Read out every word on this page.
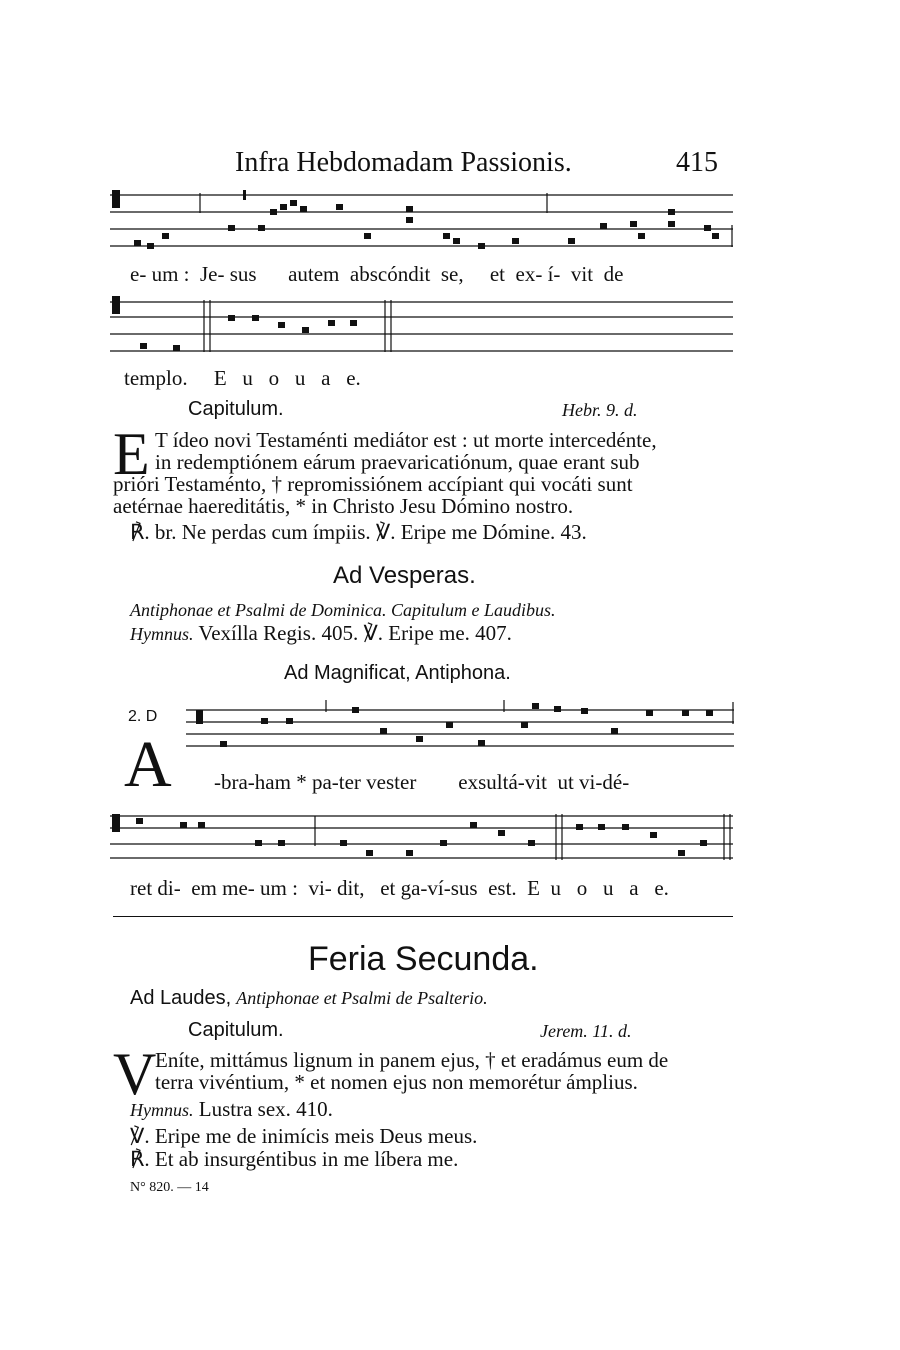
Infra Hebdomadam Passionis.	415
e- um :  Je- sus      autem  abscóndit  se,     et  ex- í-  vit  de
templo.     E   u   o   u   a   e.
Capitulum.	Hebr. 9. d.
E T ídeo novi Testaménti mediátor est : ut morte intercedénte,
in redemptiónem eárum praevaricatiónum, quae erant sub
prióri Testaménto, † repromissiónem accípiant qui vocáti sunt
aetérnae haereditátis, * in Christo Jesu Dómino nostro.
℟. br. Ne perdas cum ímpiis. ℣. Eripe me Dómine. 43.
Ad Vesperas.
Antiphonae et Psalmi de Dominica. Capitulum e Laudibus.
Hymnus. Vexílla Regis. 405. ℣. Eripe me. 407.
Ad Magnificat, Antiphona.
2. D
A -bra-ham * pa-ter vester        exsultá-vit  ut vi-dé-
ret di-  em me- um :  vi- dit,   et ga-ví-sus  est.  E  u   o   u   a   e.
Feria Secunda.
Ad Laudes, Antiphonae et Psalmi de Psalterio.
Capitulum.	Jerem. 11. d.
V
Eníte, mittámus lignum in panem ejus, † et eradámus eum de
terra vivéntium, * et nomen ejus non memorétur ámplius.
Hymnus. Lustra sex. 410.
℣. Eripe me de inimícis meis Deus meus.
℟. Et ab insurgéntibus in me líbera me.
N° 820. — 14
